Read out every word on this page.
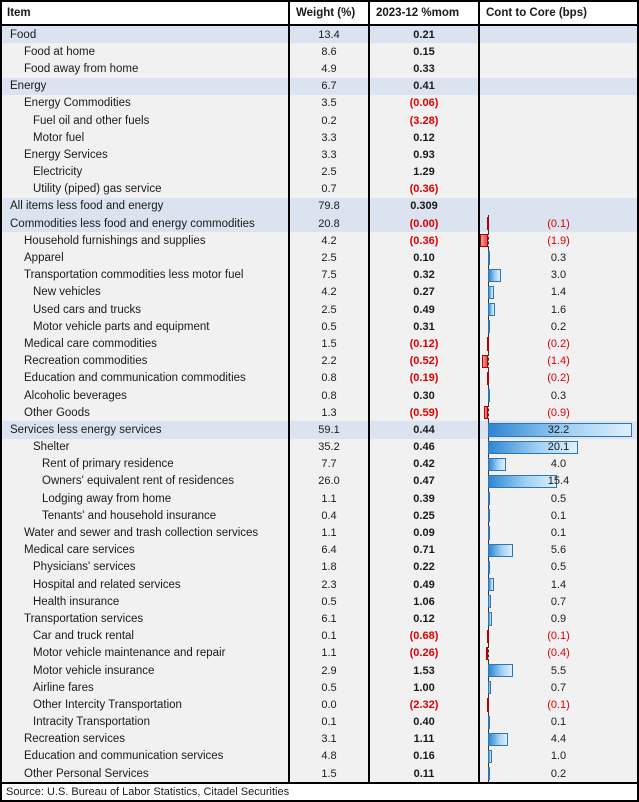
Item	Weight (%)	2023-12 %mom	Cont to Core (bps)
Food	13.4	0.21
Food at home	8.6	0.15
Food away from home	4.9	0.33
Energy	6.7	0.41
Energy Commodities	3.5	(0.06)
Fuel oil and other fuels	0.2	(3.28)
Motor fuel	3.3	0.12
Energy Services	3.3	0.93
Electricity	2.5	1.29
Utility (piped) gas service	0.7	(0.36)
All items less food and energy	79.8	0.309
Commodities less food and energy commodities	20.8	(0.00)	(0.1)
Household furnishings and supplies	4.2	(0.36)	(1.9)
Apparel	2.5	0.10	0.3
Transportation commodities less motor fuel	7.5	0.32	3.0
New vehicles	4.2	0.27	1.4
Used cars and trucks	2.5	0.49	1.6
Motor vehicle parts and equipment	0.5	0.31	0.2
Medical care commodities	1.5	(0.12)	(0.2)
Recreation commodities	2.2	(0.52)	(1.4)
Education and communication commodities	0.8	(0.19)	(0.2)
Alcoholic beverages	0.8	0.30	0.3
Other Goods	1.3	(0.59)	(0.9)
Services less energy services	59.1	0.44	32.2
Shelter	35.2	0.46	20.1
Rent of primary residence	7.7	0.42	4.0
Owners' equivalent rent of residences	26.0	0.47	15.4
Lodging away from home	1.1	0.39	0.5
Tenants' and household insurance	0.4	0.25	0.1
Water and sewer and trash collection services	1.1	0.09	0.1
Medical care services	6.4	0.71	5.6
Physicians' services	1.8	0.22	0.5
Hospital and related services	2.3	0.49	1.4
Health insurance	0.5	1.06	0.7
Transportation services	6.1	0.12	0.9
Car and truck rental	0.1	(0.68)	(0.1)
Motor vehicle maintenance and repair	1.1	(0.26)	(0.4)
Motor vehicle insurance	2.9	1.53	5.5
Airline fares	0.5	1.00	0.7
Other Intercity Transportation	0.0	(2.32)	(0.1)
Intracity Transportation	0.1	0.40	0.1
Recreation services	3.1	1.11	4.4
Education and communication services	4.8	0.16	1.0
Other Personal Services	1.5	0.11	0.2
Source: U.S. Bureau of Labor Statistics, Citadel Securities
